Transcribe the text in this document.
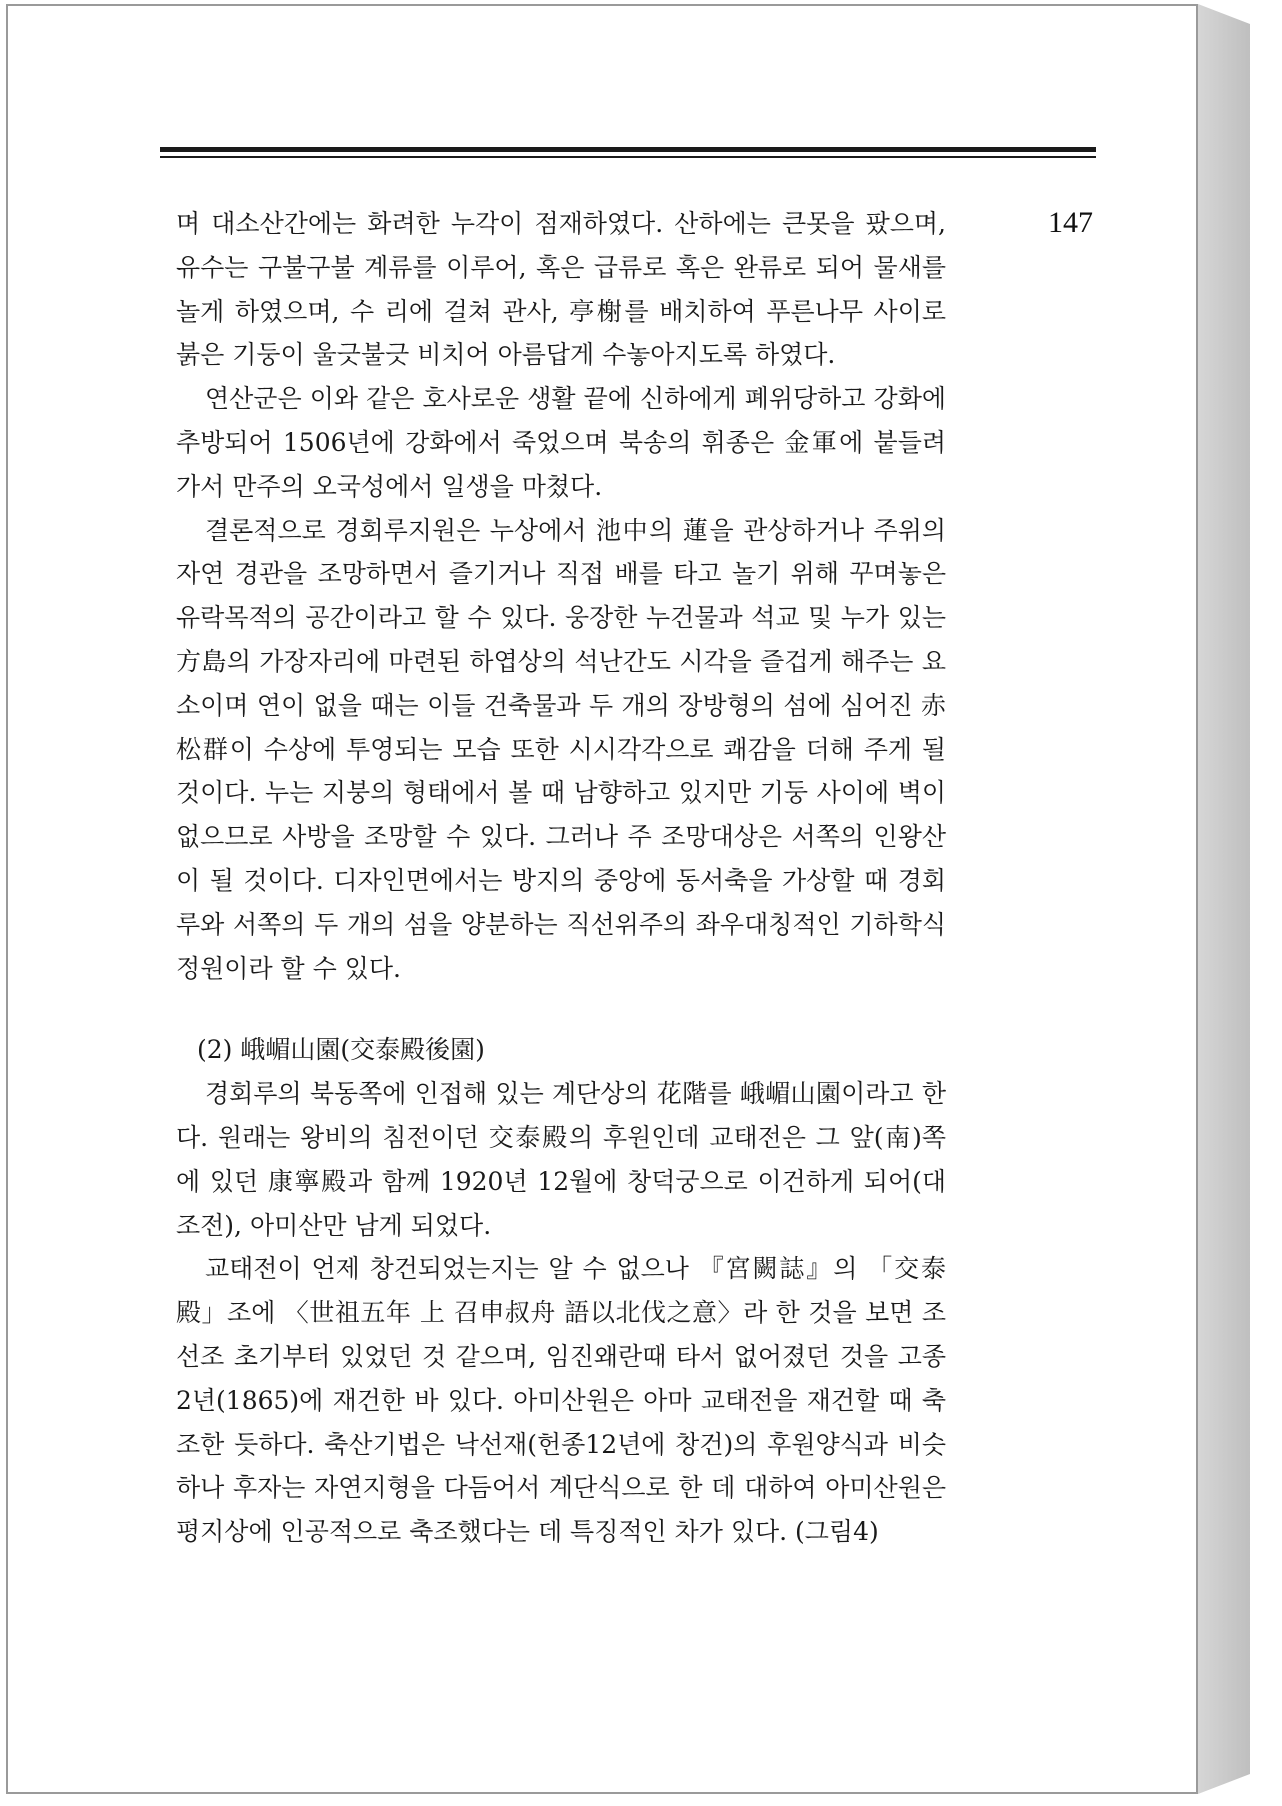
147

며 대소산간에는 화려한 누각이 점재하였다. 산하에는 큰못을 팠으며, 유수는 구불구불 계류를 이루어, 혹은 급류로 혹은 완류로 되어 물새를 놀게 하였으며, 수 리에 걸쳐 관사, 亭榭를 배치하여 푸른나무 사이로 붉은 기둥이 울긋불긋 비치어 아름답게 수놓아지도록 하였다.

연산군은 이와 같은 호사로운 생활 끝에 신하에게 폐위당하고 강화에 추방되어 1506년에 강화에서 죽었으며 북송의 휘종은 金軍에 붙들려 가서 만주의 오국성에서 일생을 마쳤다.

결론적으로 경회루지원은 누상에서 池中의 蓮을 관상하거나 주위의 자연 경관을 조망하면서 즐기거나 직접 배를 타고 놀기 위해 꾸며놓은 유락목적의 공간이라고 할 수 있다. 웅장한 누건물과 석교 및 누가 있는 方島의 가장자리에 마련된 하엽상의 석난간도 시각을 즐겁게 해주는 요소이며 연이 없을 때는 이들 건축물과 두 개의 장방형의 섬에 심어진 赤松群이 수상에 투영되는 모습 또한 시시각각으로 쾌감을 더해 주게 될 것이다. 누는 지붕의 형태에서 볼 때 남향하고 있지만 기둥 사이에 벽이 없으므로 사방을 조망할 수 있다. 그러나 주 조망대상은 서쪽의 인왕산이 될 것이다. 디자인면에서는 방지의 중앙에 동서축을 가상할 때 경회루와 서쪽의 두 개의 섬을 양분하는 직선위주의 좌우대칭적인 기하학식 정원이라 할 수 있다.

(2) 峨嵋山園(交泰殿後園)

경회루의 북동쪽에 인접해 있는 계단상의 花階를 峨嵋山園이라고 한다. 원래는 왕비의 침전이던 交泰殿의 후원인데 교태전은 그 앞(南)쪽에 있던 康寧殿과 함께 1920년 12월에 창덕궁으로 이건하게 되어(대조전), 아미산만 남게 되었다.

교태전이 언제 창건되었는지는 알 수 없으나 『宮闕誌』의 「交泰殿」조에 〈世祖五年 上 召申叔舟 語以北伐之意〉라 한 것을 보면 조선조 초기부터 있었던 것 같으며, 임진왜란때 타서 없어졌던 것을 고종2년(1865)에 재건한 바 있다. 아미산원은 아마 교태전을 재건할 때 축조한 듯하다. 축산기법은 낙선재(헌종12년에 창건)의 후원양식과 비슷하나 후자는 자연지형을 다듬어서 계단식으로 한 데 대하여 아미산원은 평지상에 인공적으로 축조했다는 데 특징적인 차가 있다. (그림4)
